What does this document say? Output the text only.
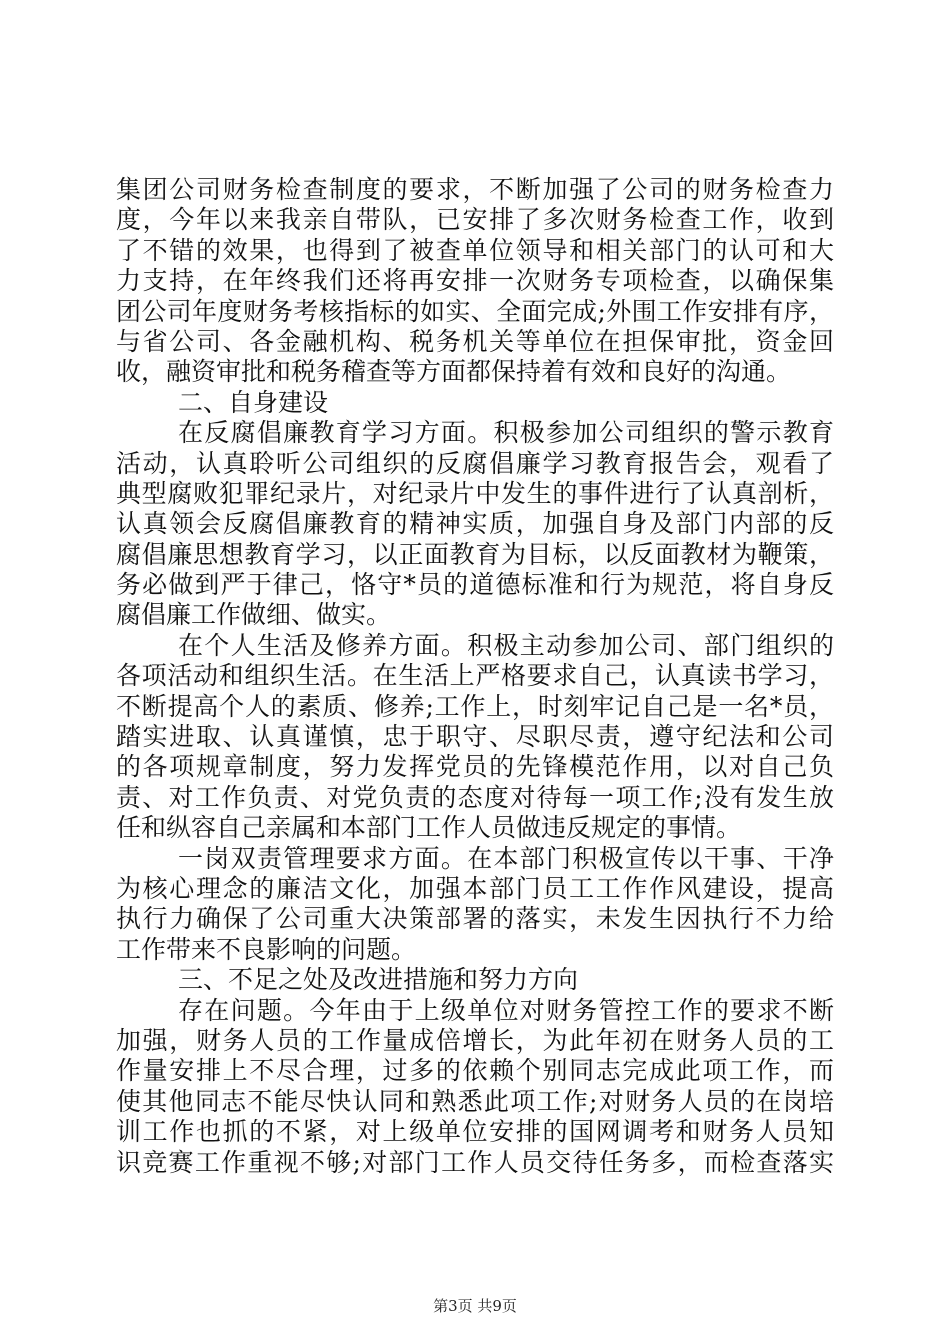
集团公司财务检查制度的要求，不断加强了公司的财务检查力
度，今年以来我亲自带队，已安排了多次财务检查工作，收到
了不错的效果，也得到了被查单位领导和相关部门的认可和大
力支持，在年终我们还将再安排一次财务专项检查，以确保集
团公司年度财务考核指标的如实、全面完成;外围工作安排有序，
与省公司、各金融机构、税务机关等单位在担保审批，资金回
收，融资审批和税务稽查等方面都保持着有效和良好的沟通。
二、自身建设
在反腐倡廉教育学习方面。积极参加公司组织的警示教育
活动，认真聆听公司组织的反腐倡廉学习教育报告会，观看了
典型腐败犯罪纪录片，对纪录片中发生的事件进行了认真剖析，
认真领会反腐倡廉教育的精神实质，加强自身及部门内部的反
腐倡廉思想教育学习，以正面教育为目标，以反面教材为鞭策，
务必做到严于律己，恪守*员的道德标准和行为规范，将自身反
腐倡廉工作做细、做实。
在个人生活及修养方面。积极主动参加公司、部门组织的
各项活动和组织生活。在生活上严格要求自己，认真读书学习，
不断提高个人的素质、修养;工作上，时刻牢记自己是一名*员，
踏实进取、认真谨慎，忠于职守、尽职尽责，遵守纪法和公司
的各项规章制度，努力发挥党员的先锋模范作用，以对自己负
责、对工作负责、对党负责的态度对待每一项工作;没有发生放
任和纵容自己亲属和本部门工作人员做违反规定的事情。
一岗双责管理要求方面。在本部门积极宣传以干事、干净
为核心理念的廉洁文化，加强本部门员工工作作风建设，提高
执行力确保了公司重大决策部署的落实，未发生因执行不力给
工作带来不良影响的问题。
三、不足之处及改进措施和努力方向
存在问题。今年由于上级单位对财务管控工作的要求不断
加强，财务人员的工作量成倍增长，为此年初在财务人员的工
作量安排上不尽合理，过多的依赖个别同志完成此项工作，而
使其他同志不能尽快认同和熟悉此项工作;对财务人员的在岗培
训工作也抓的不紧，对上级单位安排的国网调考和财务人员知
识竞赛工作重视不够;对部门工作人员交待任务多，而检查落实
第3页 共9页
